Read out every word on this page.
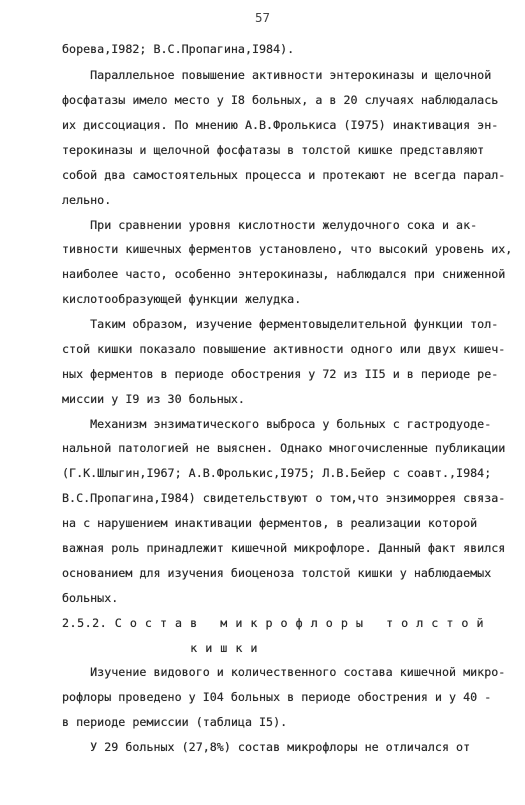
57
борева,I982; В.С.Пропагина,I984).
Параллельное повышение активности энтерокиназы и щелочной
фосфатазы имело место у I8 больных, а в 20 случаях наблюдалась
их диссоциация. По мнению А.В.Фролькиса (I975) инактивация эн-
терокиназы и щелочной фосфатазы в толстой кишке представляют
собой два самостоятельных процесса и протекают не всегда парал-
лельно.
При сравнении уровня кислотности желудочного сока и ак-
тивности кишечных ферментов установлено, что высокий уровень их,
наиболее часто, особенно энтерокиназы, наблюдался при сниженной
кислотообразующей функции желудка.
Таким образом, изучение ферментовыделительной функции тол-
стой кишки показало повышение активности одного или двух кишеч-
ных ферментов в периоде обострения у 72 из II5 и в периоде ре-
миссии у I9 из 30 больных.
Механизм энзиматического выброса у больных с гастродуоде-
нальной патологией не выяснен. Однако многочисленные публикации
(Г.К.Шлыгин,I967; А.В.Фролькис,I975; Л.В.Бейер с соавт.,I984;
В.С.Пропагина,I984) свидетельствуют о том,что энзиморрея связа-
на с нарушением инактивации ферментов, в реализации которой
важная роль принадлежит кишечной микрофлоре. Данный факт явился
основанием для изучения биоценоза толстой кишки у наблюдаемых
больных.
2.5.2. С о с т а в   м и к р о ф л о р ы   т о л с т о й
к и ш к и
Изучение видового и количественного состава кишечной микро-
рофлоры проведено у I04 больных в периоде обострения и у 40 -
в периоде ремиссии (таблица I5).
У 29 больных (27,8%) состав микрофлоры не отличался от
